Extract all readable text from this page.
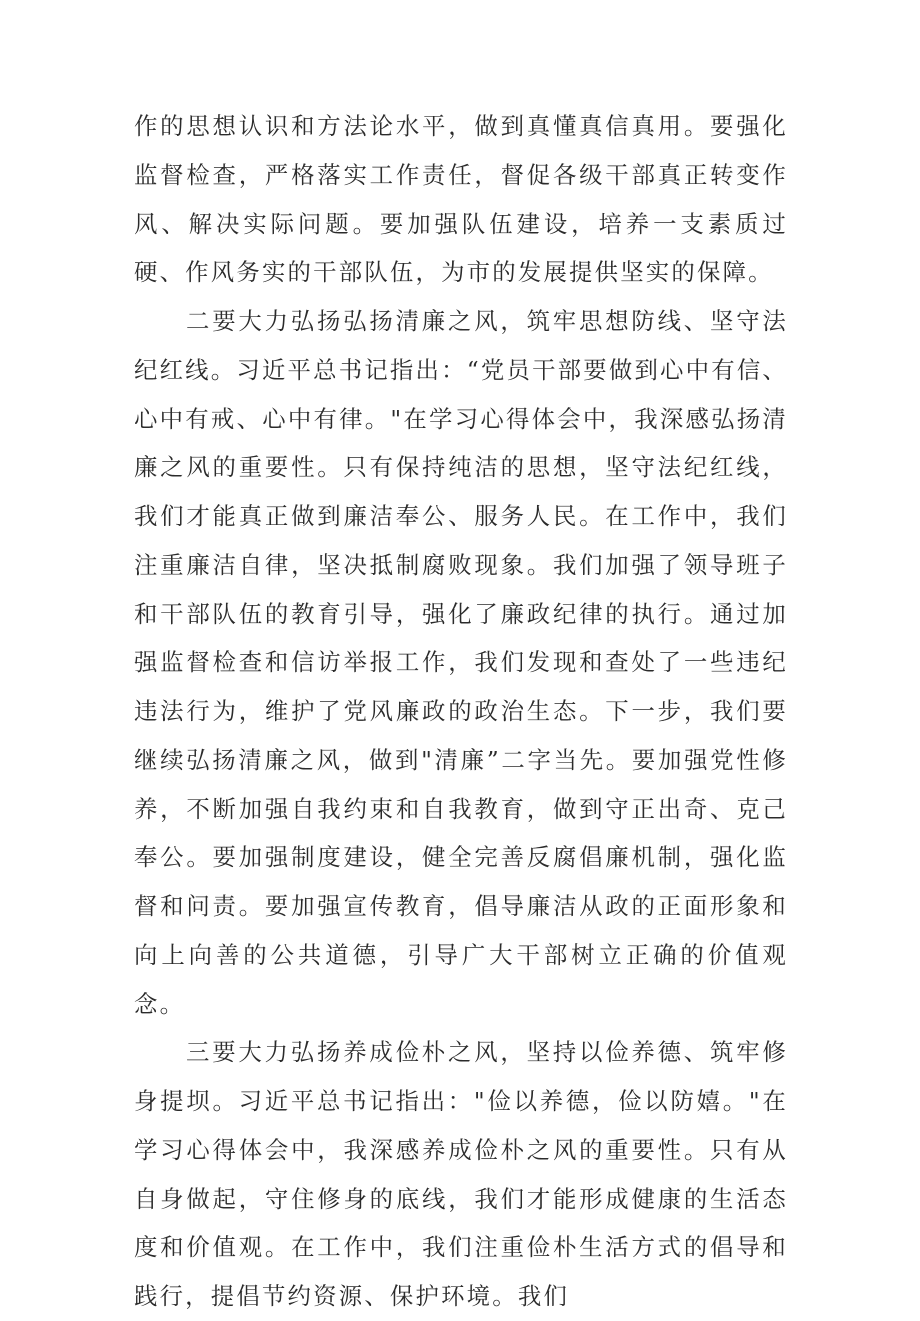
作的思想认识和方法论水平，做到真懂真信真用。要强化监督检查，严格落实工作责任，督促各级干部真正转变作风、解决实际问题。要加强队伍建设，培养一支素质过硬、作风务实的干部队伍，为市的发展提供坚实的保障。

二要大力弘扬弘扬清廉之风，筑牢思想防线、坚守法纪红线。习近平总书记指出：“党员干部要做到心中有信、心中有戒、心中有律。"在学习心得体会中，我深感弘扬清廉之风的重要性。只有保持纯洁的思想，坚守法纪红线，我们才能真正做到廉洁奉公、服务人民。在工作中，我们注重廉洁自律，坚决抵制腐败现象。我们加强了领导班子和干部队伍的教育引导，强化了廉政纪律的执行。通过加强监督检查和信访举报工作，我们发现和查处了一些违纪违法行为，维护了党风廉政的政治生态。下一步，我们要继续弘扬清廉之风，做到"清廉”二字当先。要加强党性修养，不断加强自我约束和自我教育，做到守正出奇、克己奉公。要加强制度建设，健全完善反腐倡廉机制，强化监督和问责。要加强宣传教育，倡导廉洁从政的正面形象和向上向善的公共道德，引导广大干部树立正确的价值观念。

三要大力弘扬养成俭朴之风，坚持以俭养德、筑牢修身提坝。习近平总书记指出："俭以养德，俭以防嬉。"在学习心得体会中，我深感养成俭朴之风的重要性。只有从自身做起，守住修身的底线，我们才能形成健康的生活态度和价值观。在工作中，我们注重俭朴生活方式的倡导和践行，提倡节约资源、保护环境。我们
